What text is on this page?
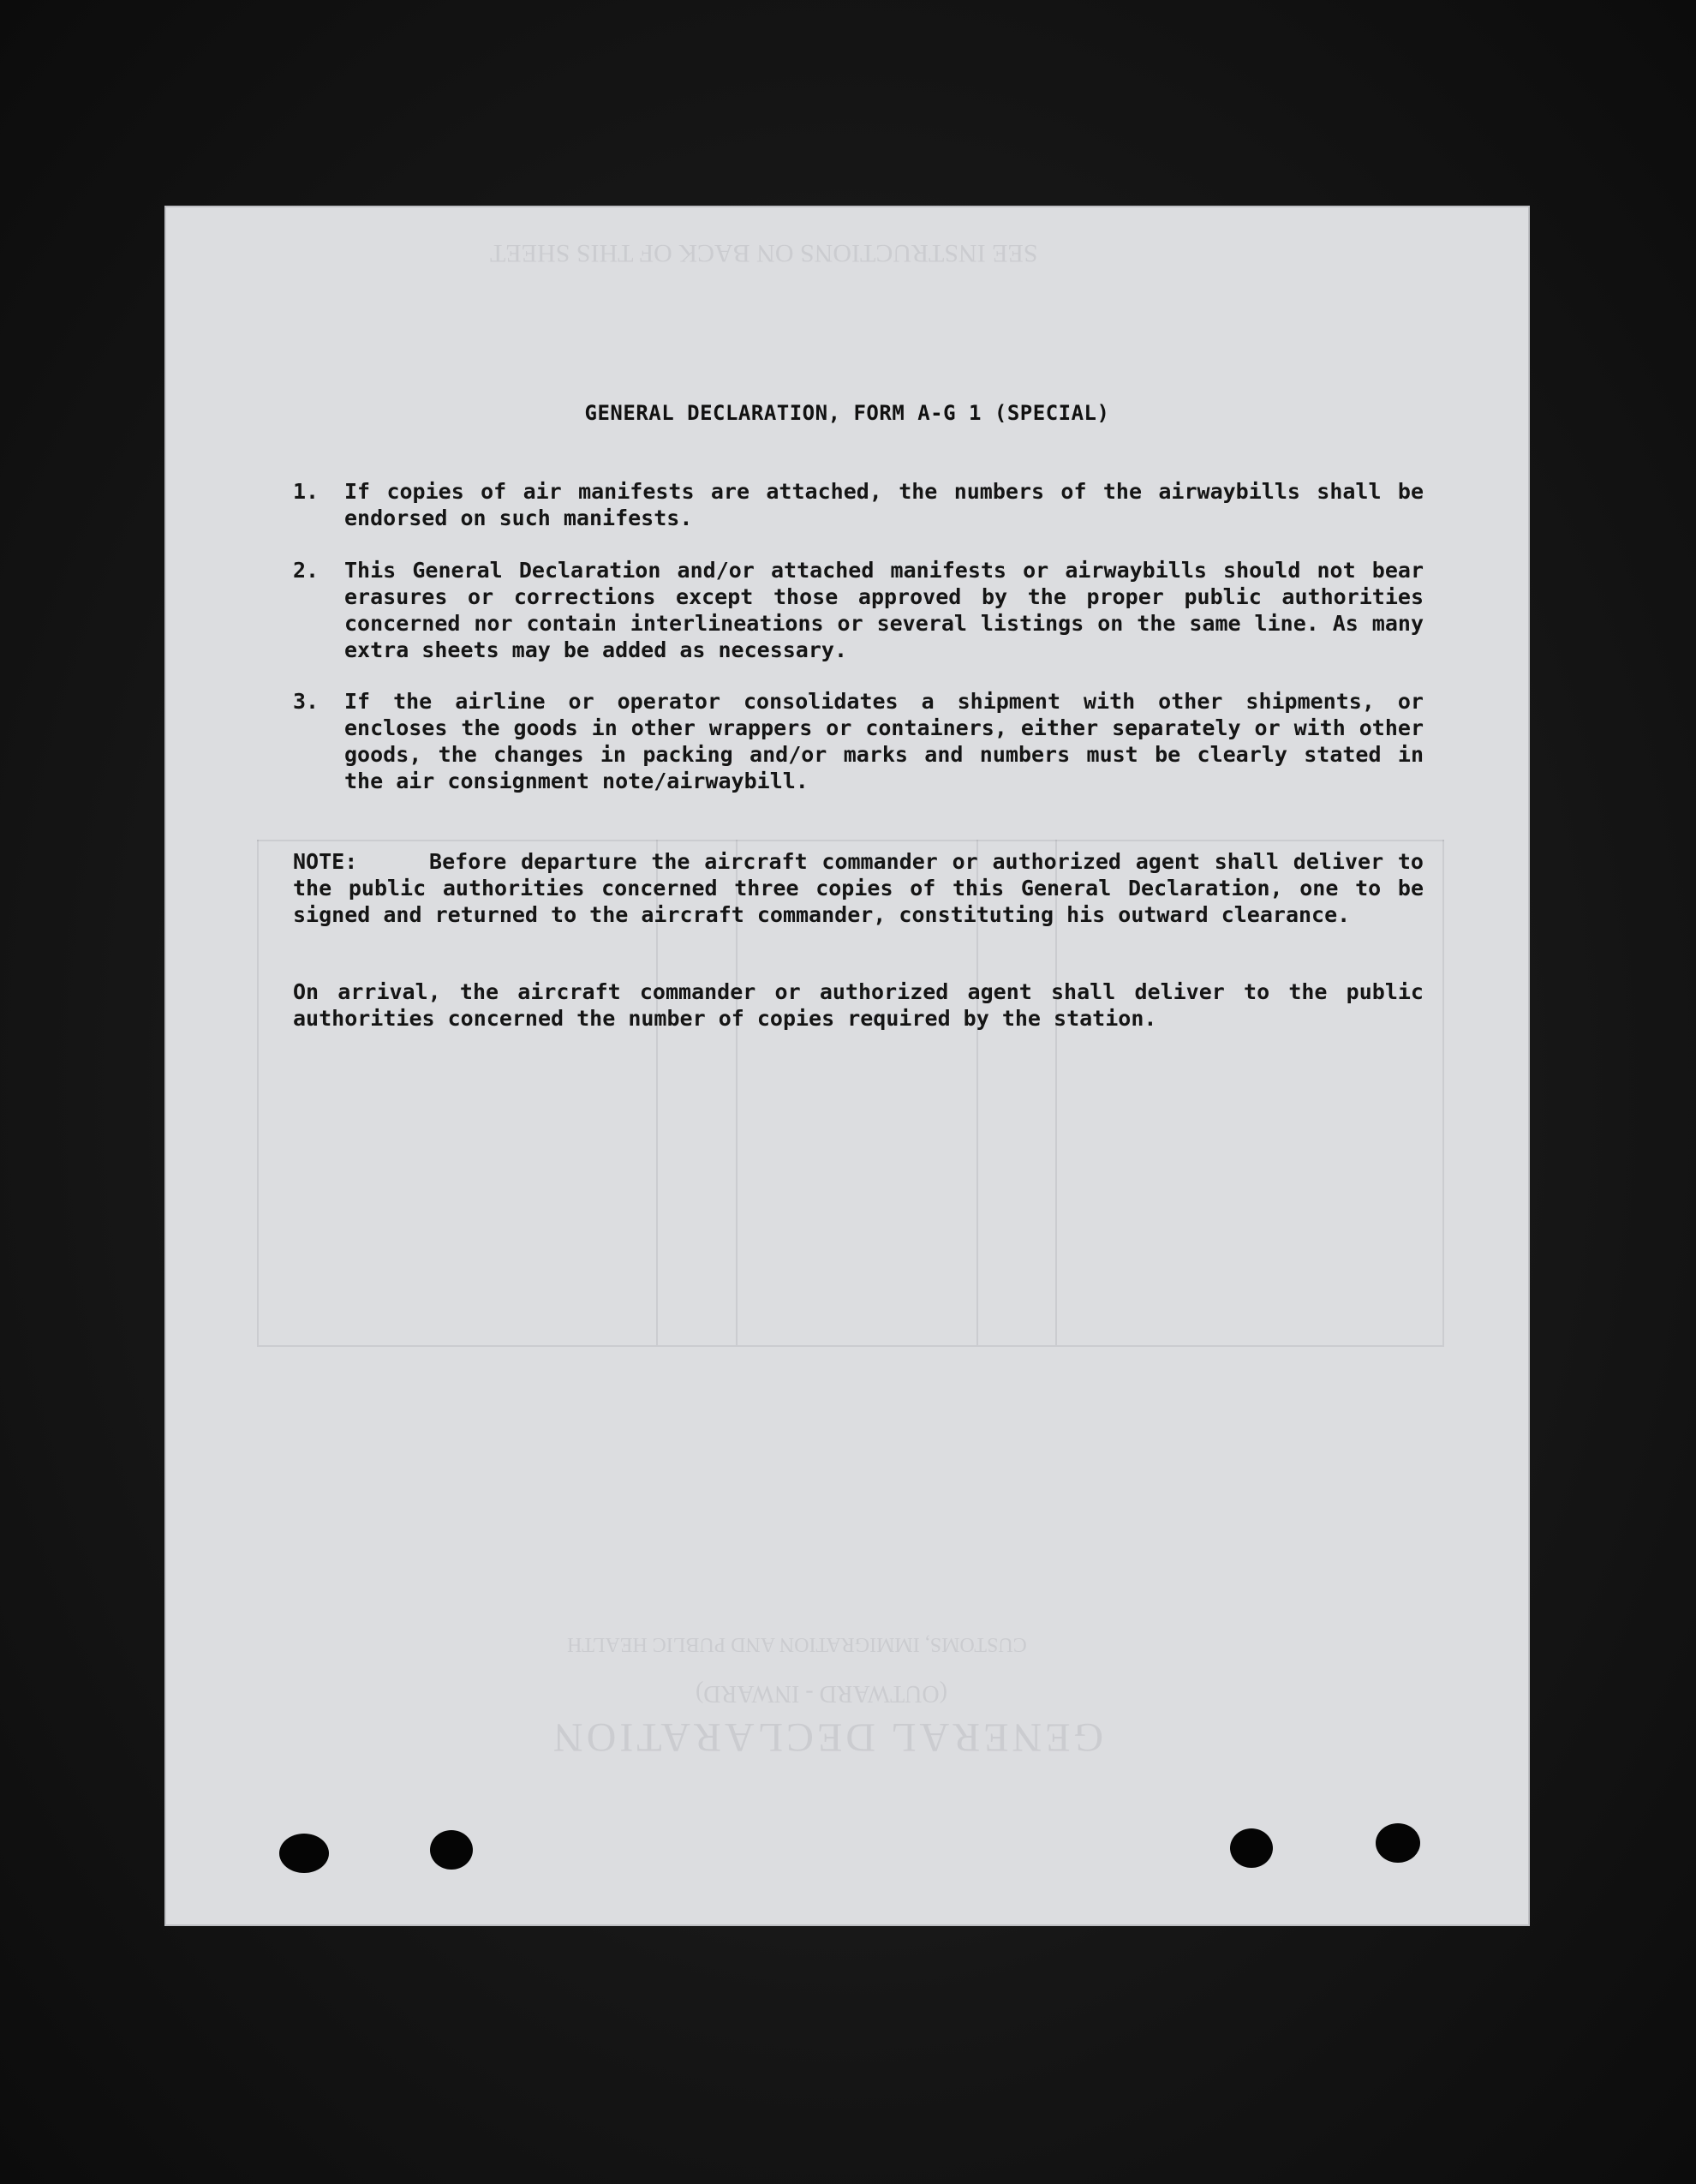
SEE INSTRUCTIONS ON BACK OF THIS SHEET
GENERAL DECLARATION
(OUTWARD - INWARD)
CUSTOMS, IMMIGRATION AND PUBLIC HEALTH
GENERAL DECLARATION, FORM A-G 1 (SPECIAL)
1. If copies of air manifests are attached, the numbers of the airwaybills shall be endorsed on such manifests.
2. This General Declaration and/or attached manifests or airwaybills should not bear erasures or corrections except those approved by the proper public authorities concerned nor contain interlineations or several listings on the same line. As many extra sheets may be added as necessary.
3. If the airline or operator consolidates a shipment with other shipments, or encloses the goods in other wrappers or containers, either separately or with other goods, the changes in packing and/or marks and numbers must be clearly stated in the air consignment note/airwaybill.
NOTE:     Before departure the aircraft commander or authorized agent shall deliver to the public authorities concerned three copies of this General Declaration, one to be signed and returned to the aircraft commander, constituting his outward clearance.
On arrival, the aircraft commander or authorized agent shall deliver to the public authorities concerned the number of copies required by the station.
